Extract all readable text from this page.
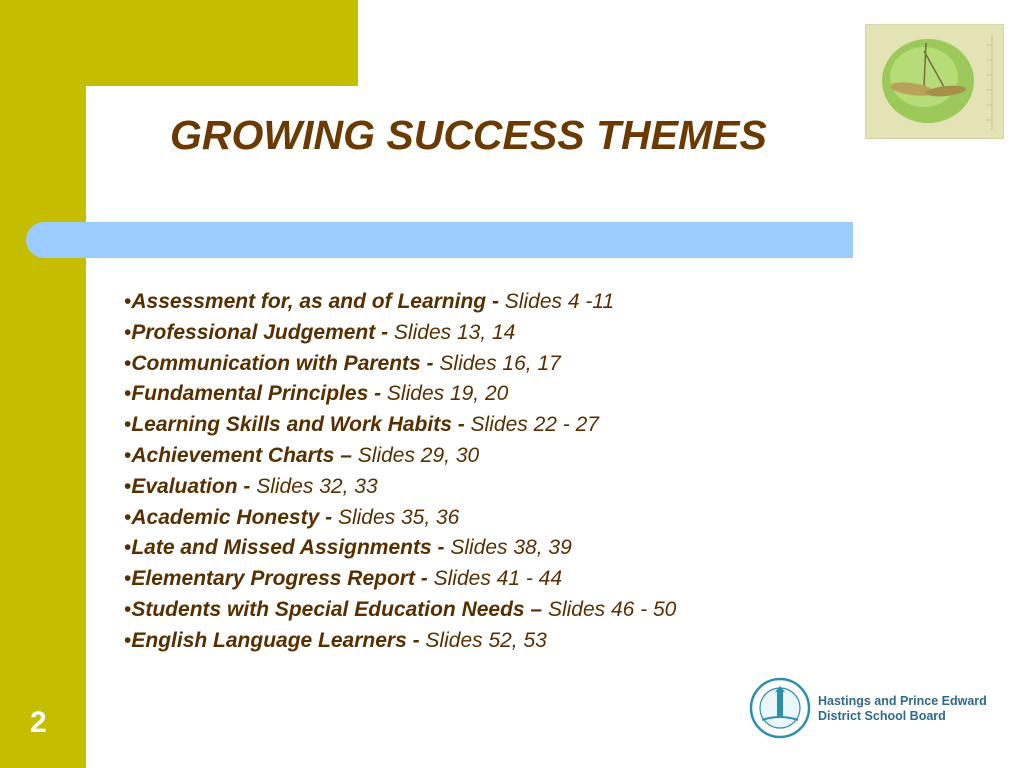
GROWING SUCCESS THEMES
•Assessment for, as and of Learning - Slides 4 -11
•Professional Judgement - Slides 13, 14
•Communication with Parents - Slides 16, 17
•Fundamental Principles - Slides 19, 20
•Learning Skills and Work Habits - Slides 22 - 27
•Achievement Charts – Slides 29, 30
•Evaluation - Slides 32, 33
•Academic Honesty - Slides 35, 36
•Late and Missed Assignments - Slides 38, 39
•Elementary Progress Report - Slides 41 - 44
•Students with Special Education Needs – Slides 46 - 50
•English Language Learners - Slides 52, 53
2
Hastings and Prince Edward
District School Board
